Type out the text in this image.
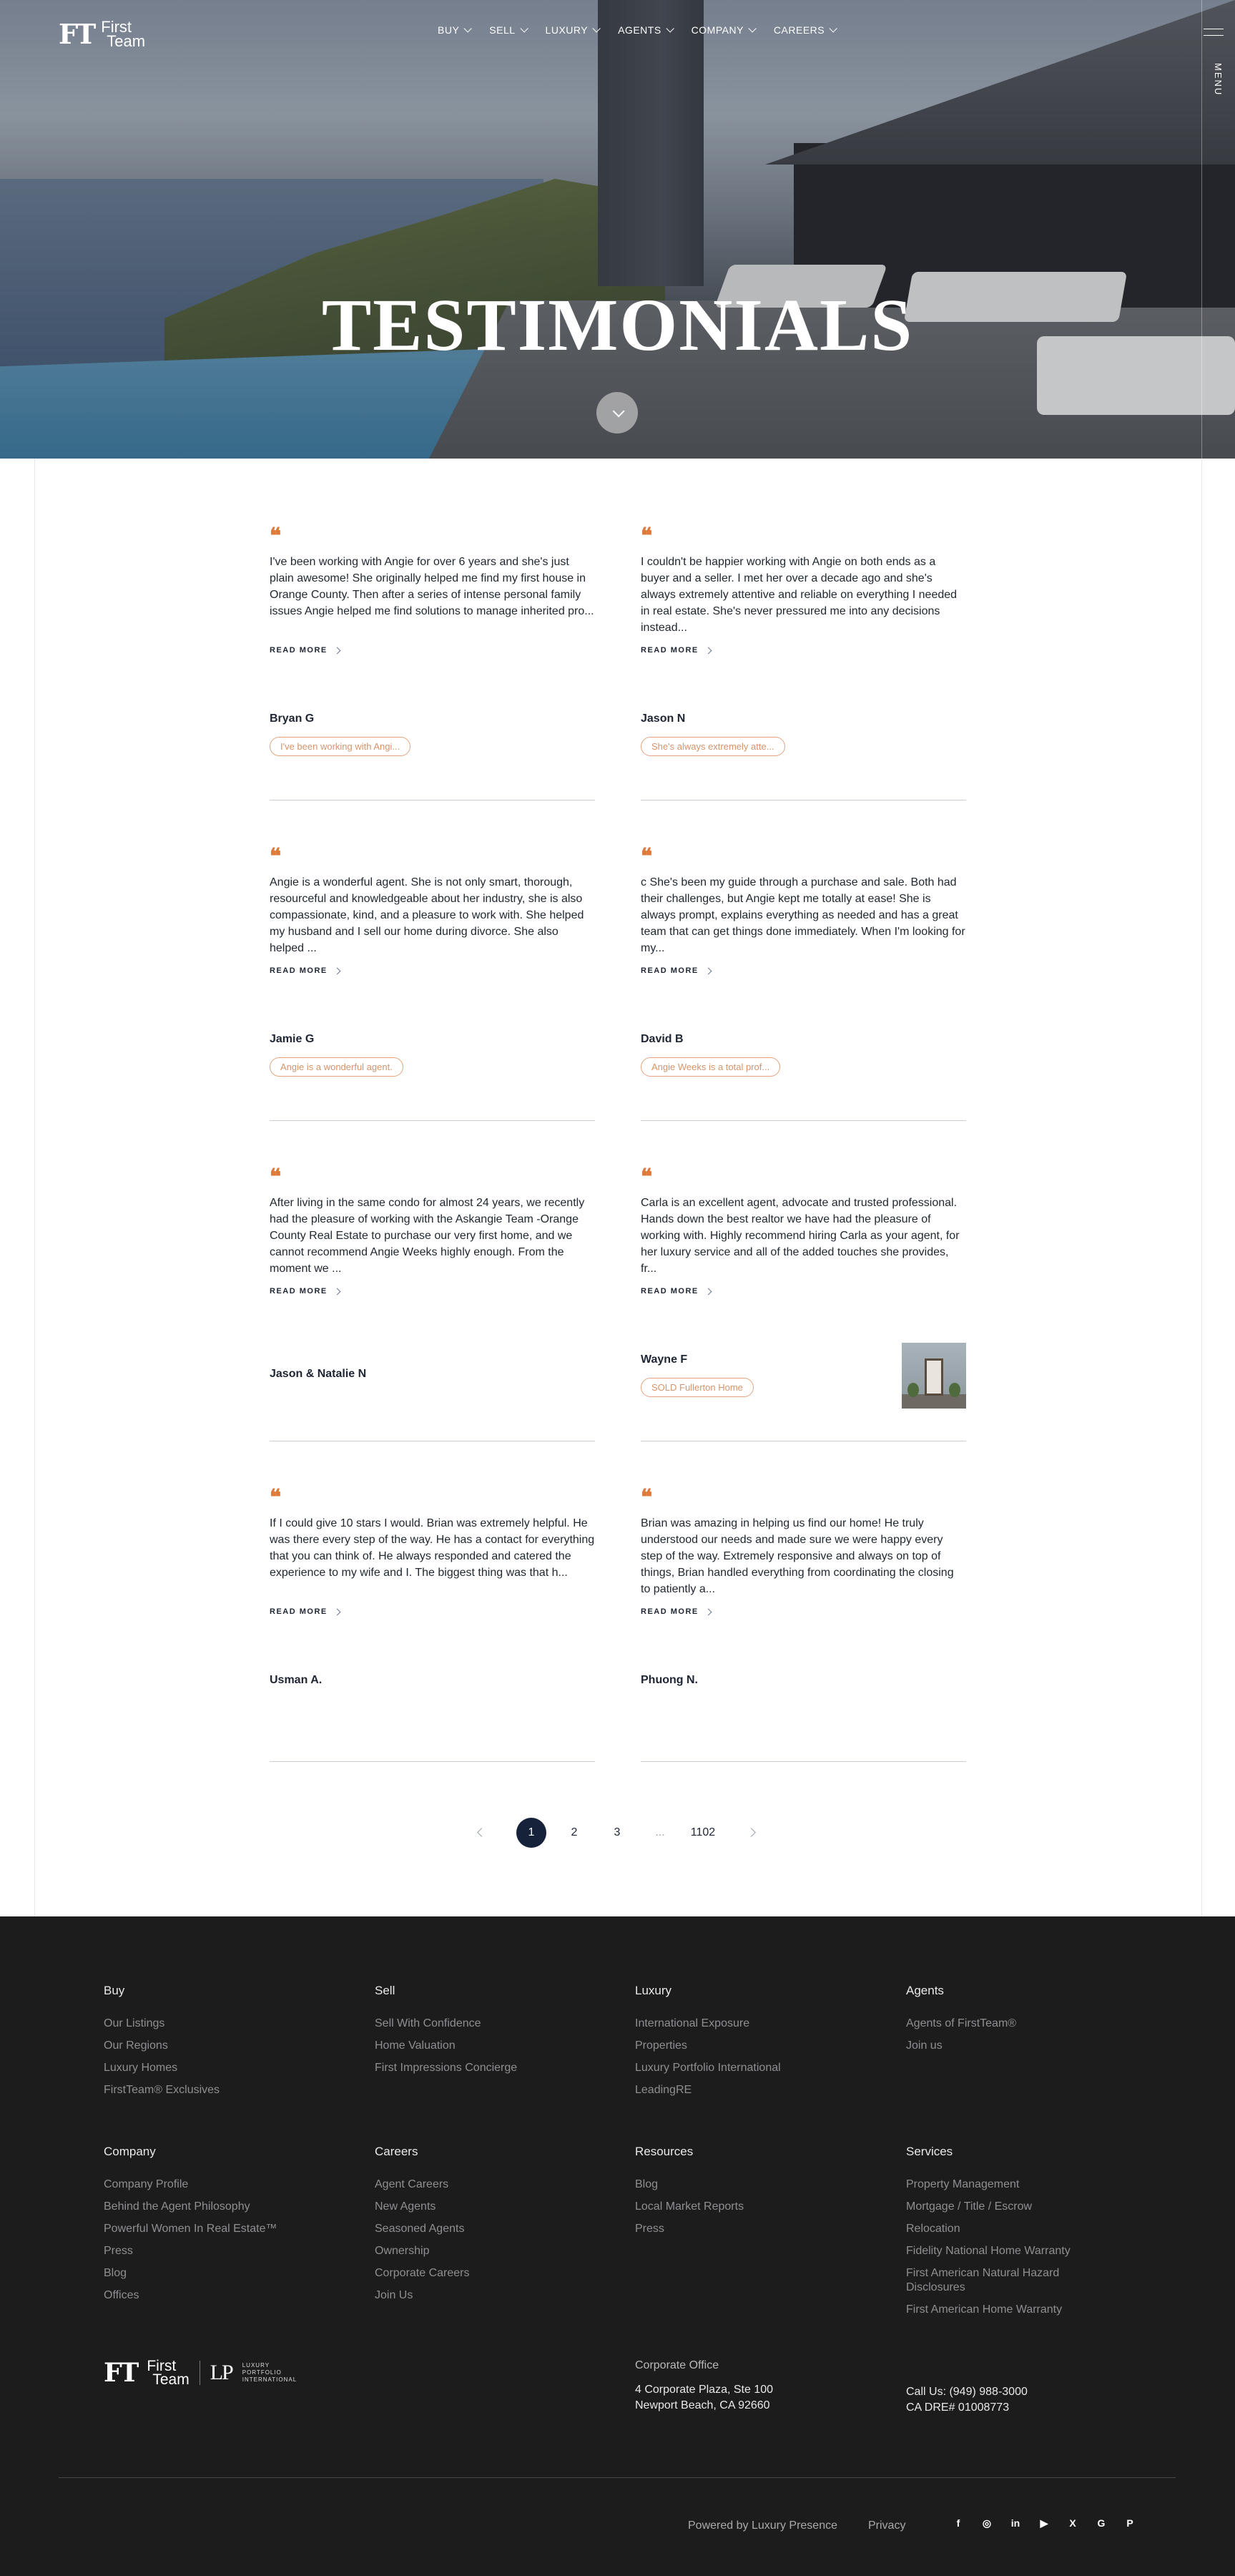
FT First
Team
BUY	SELL	LUXURY	AGENTS	COMPANY	CAREERS
MENU
TESTIMONIALS
❝

I've been working with Angie for over 6 years and she's just plain awesome! She originally helped me find my first house in Orange County. Then after a series of intense personal family issues Angie helped me find solutions to manage inherited pro...

READ MORE
Bryan G
I've been working with Angi...
❝

I couldn't be happier working with Angie on both ends as a buyer and a seller. I met her over a decade ago and she's always extremely attentive and reliable on everything I needed in real estate. She's never pressured me into any decisions instead...

READ MORE
Jason N
She's always extremely atte...
❝

Angie is a wonderful agent. She is not only smart, thorough, resourceful and knowledgeable about her industry, she is also compassionate, kind, and a pleasure to work with. She helped my husband and I sell our home during divorce. She also helped ...

READ MORE
Jamie G
Angie is a wonderful agent.
❝

c She's been my guide through a purchase and sale. Both had their challenges, but Angie kept me totally at ease! She is always prompt, explains everything as needed and has a great team that can get things done immediately. When I'm looking for my...

READ MORE
David B
Angie Weeks is a total prof...
❝

After living in the same condo for almost 24 years, we recently had the pleasure of working with the Askangie Team -Orange County Real Estate to purchase our very first home, and we cannot recommend Angie Weeks highly enough. From the moment we ...

READ MORE
Jason & Natalie N
❝

Carla is an excellent agent, advocate and trusted professional. Hands down the best realtor we have had the pleasure of working with. Highly recommend hiring Carla as your agent, for her luxury service and all of the added touches she provides, fr...

READ MORE
Wayne F
SOLD Fullerton Home
❝

If I could give 10 stars I would. Brian was extremely helpful. He was there every step of the way. He has a contact for everything that you can think of. He always responded and catered the experience to my wife and I. The biggest thing was that h...

READ MORE
Usman A.
❝

Brian was amazing in helping us find our home! He truly understood our needs and made sure we were happy every step of the way. Extremely responsive and always on top of things, Brian handled everything from coordinating the closing to patiently a...

READ MORE
Phuong N.
1	2	3	...	1102
Buy
Our Listings
Our Regions
Luxury Homes
FirstTeam® Exclusives
Sell
Sell With Confidence
Home Valuation
First Impressions Concierge
Luxury
International Exposure
Properties
Luxury Portfolio International
LeadingRE
Agents
Agents of FirstTeam®
Join us
Company
Company Profile
Behind the Agent Philosophy
Powerful Women In Real Estate™
Press
Blog
Offices
Careers
Agent Careers
New Agents
Seasoned Agents
Ownership
Corporate Careers
Join Us
Resources
Blog
Local Market Reports
Press
Services
Property Management
Mortgage / Title / Escrow
Relocation
Fidelity National Home Warranty
First American Natural Hazard Disclosures
First American Home Warranty
FT First
Team LP LUXURY
PORTFOLIO
INTERNATIONAL
Corporate Office
4 Corporate Plaza, Ste 100
Newport Beach, CA 92660
Call Us: (949) 988-3000
CA DRE# 01008773
Powered by Luxury Presence	Privacy	f	◎ in	▶	X	G	P
